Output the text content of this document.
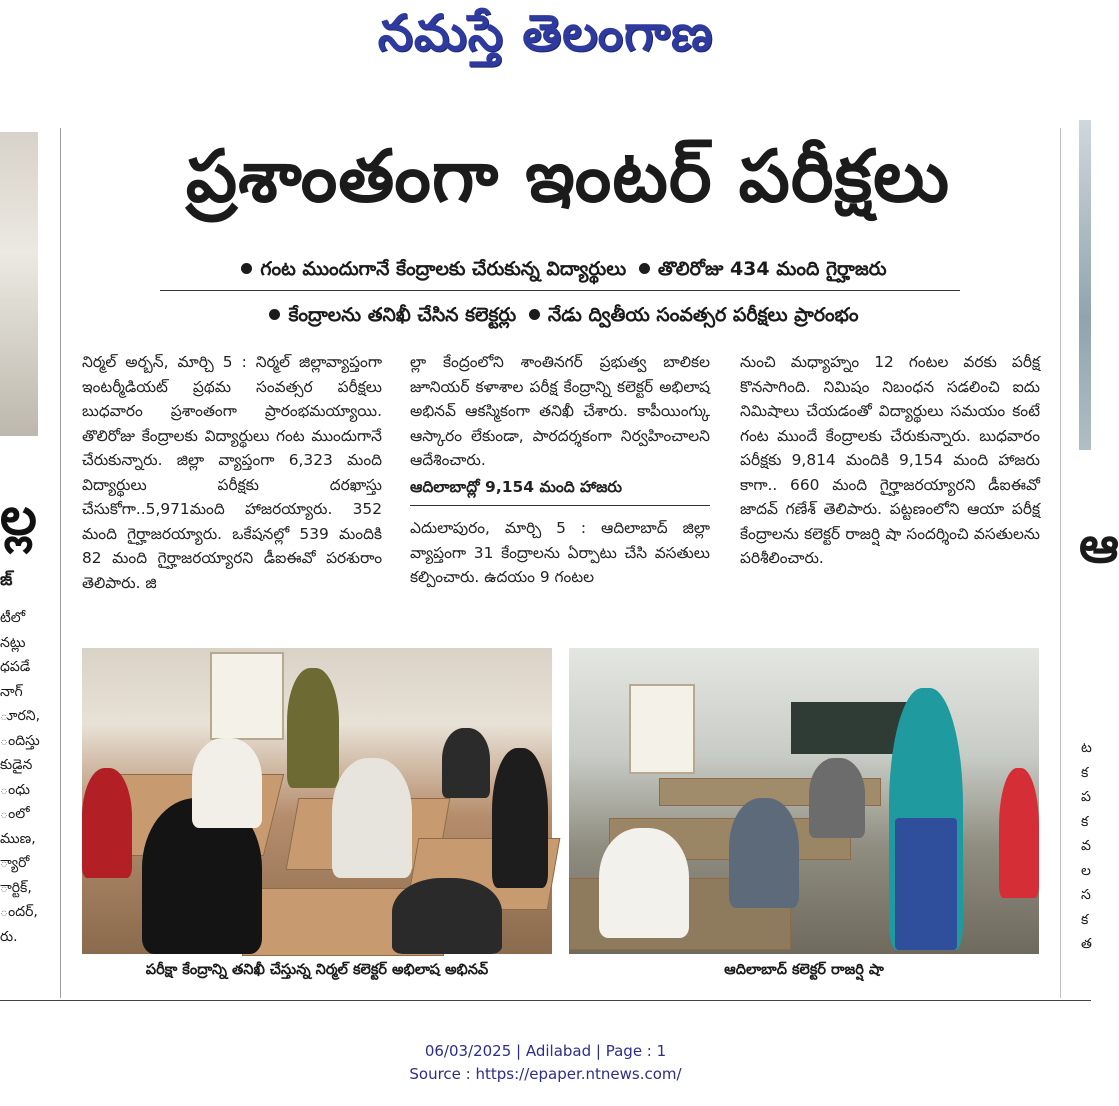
నమస్తే తెలంగాణ
ల్ల
జ్
టీలో
నట్లు
ధపడే
నాగ్
ూరని,
ందిస్తు
కుడైన
ంధు
ంలో
ముణ,
్యారో
ార్టిక్,
ందర్,
రు.
ఆ
ట
క
ప
క
వ
ల
స
క
త
ప్రశాంతంగా ఇంటర్ పరీక్షలు
గంట ముందుగానే కేంద్రాలకు చేరుకున్న విద్యార్థులు తొలిరోజు 434 మంది గైర్హాజరు
కేంద్రాలను తనిఖీ చేసిన కలెక్టర్లు నేడు ద్వితీయ సంవత్సర పరీక్షలు ప్రారంభం
నిర్మల్ అర్బన్, మార్చి 5 : నిర్మల్ జిల్లావ్యాప్తంగా ఇంటర్మీడియట్ ప్రథమ సంవత్సర పరీక్షలు బుధవారం ప్రశాంతంగా ప్రారంభమయ్యాయి. తొలిరోజు కేంద్రాలకు విద్యార్థులు గంట ముందుగానే చేరుకున్నారు. జిల్లా వ్యాప్తంగా 6,323 మంది విద్యార్థులు పరీక్షకు దరఖాస్తు చేసుకోగా..5,971మంది హాజరయ్యారు. 352 మంది గైర్హాజరయ్యారు. ఒకేషనల్లో 539 మందికి 82 మంది గైర్హాజరయ్యారని డీఐఈవో పరశురాం తెలిపారు. జి
ల్లా కేంద్రంలోని శాంతినగర్ ప్రభుత్వ బాలికల జూనియర్ కళాశాల పరీక్ష కేంద్రాన్ని కలెక్టర్ అభిలాష అభినవ్ ఆకస్మికంగా తనిఖీ చేశారు. కాపీయింగ్కు ఆస్కారం లేకుండా, పారదర్శకంగా నిర్వహించాలని ఆదేశించారు.
ఆదిలాబాద్లో 9,154 మంది హాజరు
ఎదులాపురం, మార్చి 5 : ఆదిలాబాద్ జిల్లా వ్యాప్తంగా 31 కేంద్రాలను ఏర్పాటు చేసి వసతులు కల్పించారు. ఉదయం 9 గంటల
నుంచి మధ్యాహ్నం 12 గంటల వరకు పరీక్ష కొనసాగింది. నిమిషం నిబంధన సడలించి ఐదు నిమిషాలు చేయడంతో విద్యార్థులు సమయం కంటే గంట ముందే కేంద్రాలకు చేరుకున్నారు. బుధవారం పరీక్షకు 9,814 మందికి 9,154 మంది హాజరు కాగా.. 660 మంది గైర్హాజరయ్యారని డీఐఈవో జాదవ్ గణేశ్ తెలిపారు. పట్టణంలోని ఆయా పరీక్ష కేంద్రాలను కలెక్టర్ రాజర్షి షా సందర్శించి వసతులను పరిశీలించారు.
పరీక్షా కేంద్రాన్ని తనిఖీ చేస్తున్న నిర్మల్ కలెక్టర్ అభిలాష అభినవ్	ఆదిలాబాద్ కలెక్టర్ రాజర్షి షా
06/03/2025 | Adilabad | Page : 1
Source : https://epaper.ntnews.com/
